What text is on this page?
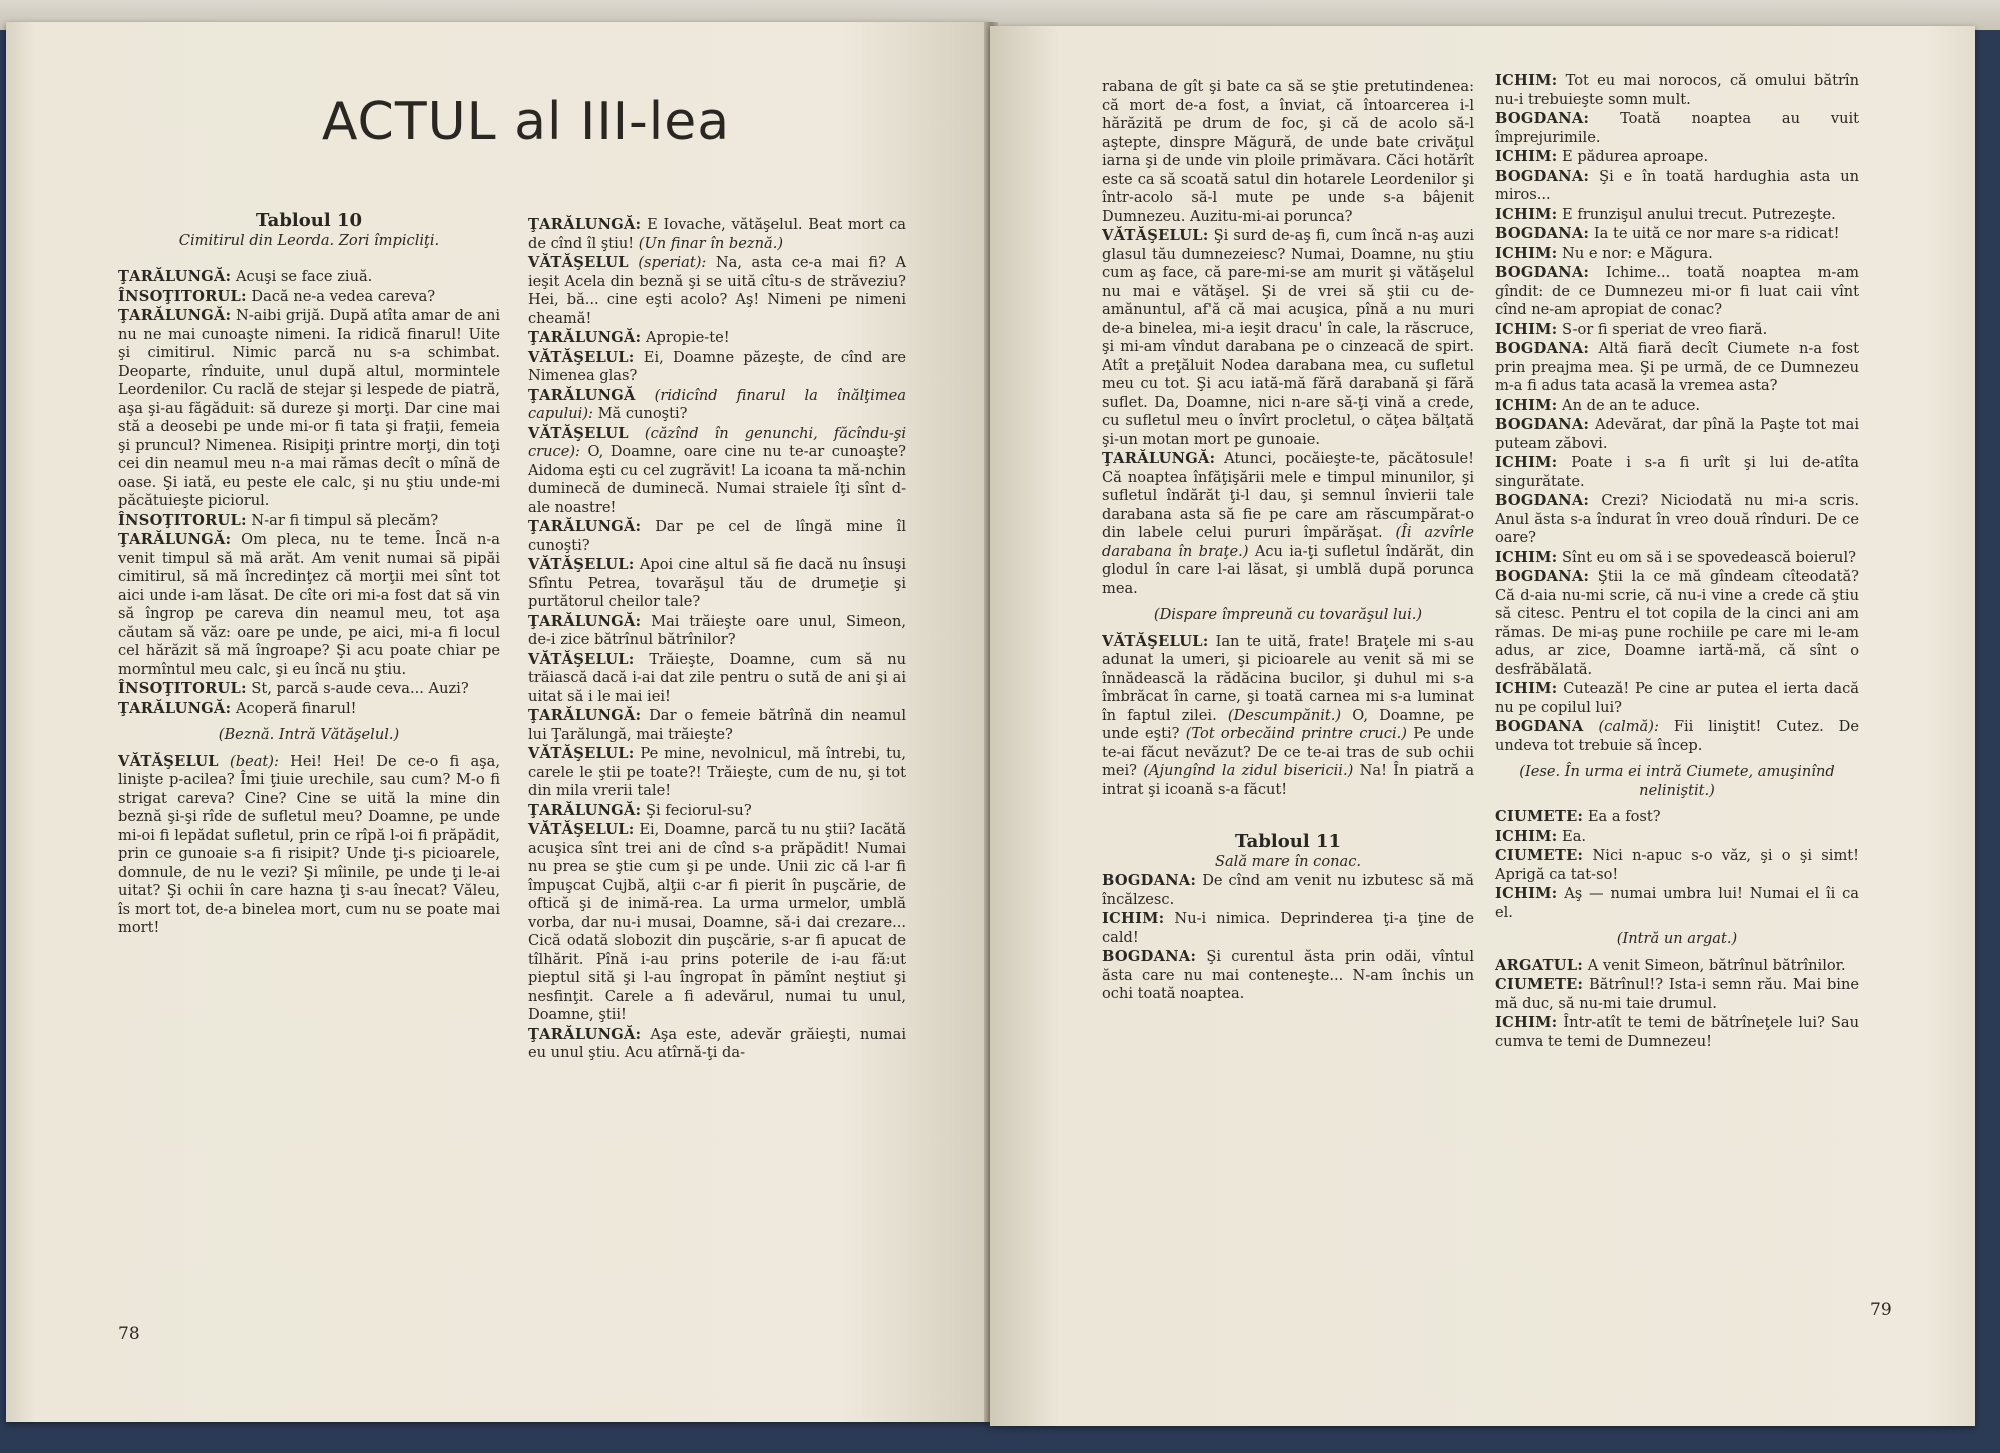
ACTUL al III-lea

Tabloul 10

Cimitirul din Leorda. Zori împicliţi.

ŢARĂLUNGĂ: Acuşi se face ziuă.

ÎNSOŢITORUL: Dacă ne-a vedea careva?

ŢARĂLUNGĂ: N-aibi grijă. După atîta amar de ani nu ne mai cunoaşte nimeni. Ia ridică finarul! Uite şi cimitirul. Nimic parcă nu s-a schimbat. Deoparte, rînduite, unul după altul, mormintele Leordenilor. Cu raclă de stejar şi lespede de piatră, aşa şi-au făgăduit: să dureze şi morţi. Dar cine mai stă a deosebi pe unde mi-or fi tata şi fraţii, femeia şi pruncul? Nimenea. Risipiţi printre morţi, din toţi cei din neamul meu n-a mai rămas decît o mînă de oase. Şi iată, eu peste ele calc, şi nu ştiu unde-mi păcătuieşte piciorul.

ÎNSOŢITORUL: N-ar fi timpul să plecăm?

ŢARĂLUNGĂ: Om pleca, nu te teme. Încă n-a venit timpul să mă arăt. Am venit numai să pipăi cimitirul, să mă încredinţez că morţii mei sînt tot aici unde i-am lăsat. De cîte ori mi-a fost dat să vin să îngrop pe careva din neamul meu, tot aşa căutam să văz: oare pe unde, pe aici, mi-a fi locul cel hărăzit să mă îngroape? Şi acu poate chiar pe mormîntul meu calc, şi eu încă nu ştiu.

ÎNSOŢITORUL: St, parcă s-aude ceva... Auzi?

ŢARĂLUNGĂ: Acoperă finarul!

(Beznă. Intră Vătăşelul.)

VĂTĂŞELUL (beat): Hei! Hei! De ce-o fi aşa, linişte p-acilea? Îmi ţiuie urechile, sau cum? M-o fi strigat careva? Cine? Cine se uită la mine din beznă şi-şi rîde de sufletul meu? Doamne, pe unde mi-oi fi lepădat sufletul, prin ce rîpă l-oi fi prăpădit, prin ce gunoaie s-a fi risipit? Unde ţi-s picioarele, domnule, de nu le vezi? Şi mîinile, pe unde ţi le-ai uitat? Şi ochii în care hazna ţi s-au înecat? Văleu, îs mort tot, de-a binelea mort, cum nu se poate mai mort!

ŢARĂLUNGĂ: E Iovache, vătăşelul. Beat mort ca de cînd îl ştiu! (Un finar în beznă.)

VĂTĂŞELUL (speriat): Na, asta ce-a mai fi? A ieşit Acela din beznă şi se uită cîtu-s de străveziu? Hei, bă... cine eşti acolo? Aş! Nimeni pe nimeni cheamă!

ŢARĂLUNGĂ: Apropie-te!

VĂTĂŞELUL: Ei, Doamne păzeşte, de cînd are Nimenea glas?

ŢARĂLUNGĂ (ridicînd finarul la înălţimea capului): Mă cunoşti?

VĂTĂŞELUL (căzînd în genunchi, făcîndu-şi cruce): O, Doamne, oare cine nu te-ar cunoaşte? Aidoma eşti cu cel zugrăvit! La icoana ta mă-nchin duminecă de duminecă. Numai straiele îţi sînt d-ale noastre!

ŢARĂLUNGĂ: Dar pe cel de lîngă mine îl cunoşti?

VĂTĂŞELUL: Apoi cine altul să fie dacă nu însuşi Sfîntu Petrea, tovarăşul tău de drumeţie şi purtătorul cheilor tale?

ŢARĂLUNGĂ: Mai trăieşte oare unul, Simeon, de-i zice bătrînul bătrînilor?

VĂTĂŞELUL: Trăieşte, Doamne, cum să nu trăiască dacă i-ai dat zile pentru o sută de ani şi ai uitat să i le mai iei!

ŢARĂLUNGĂ: Dar o femeie bătrînă din neamul lui Ţarălungă, mai trăieşte?

VĂTĂŞELUL: Pe mine, nevolnicul, mă întrebi, tu, carele le ştii pe toate?! Trăieşte, cum de nu, şi tot din mila vrerii tale!

ŢARĂLUNGĂ: Şi feciorul-su?

VĂTĂŞELUL: Ei, Doamne, parcă tu nu ştii? Iacătă acuşica sînt trei ani de cînd s-a prăpădit! Numai nu prea se ştie cum şi pe unde. Unii zic că l-ar fi împuşcat Cujbă, alţii c-ar fi pierit în puşcărie, de oftică şi de inimă-rea. La urma urmelor, umblă vorba, dar nu-i musai, Doamne, să-i dai crezare... Cică odată slobozit din puşcărie, s-ar fi apucat de tîlhărit. Pînă i-au prins poterile de i-au fă:ut pieptul sită şi l-au îngropat în pămînt neştiut şi nesfinţit. Carele a fi adevărul, numai tu unul, Doamne, ştii!

ŢARĂLUNGĂ: Aşa este, adevăr grăieşti, numai eu unul ştiu. Acu atîrnă-ţi da-

78

rabana de gît şi bate ca să se ştie pretutindenea: că mort de-a fost, a înviat, că întoarcerea i-l hărăzită pe drum de foc, şi că de acolo să-l aştepte, dinspre Măgură, de unde bate crivăţul iarna şi de unde vin ploile primăvara. Căci hotărît este ca să scoată satul din hotarele Leordenilor şi într-acolo să-l mute pe unde s-a bâjenit Dumnezeu. Auzitu-mi-ai porunca?

VĂTĂŞELUL: Şi surd de-aş fi, cum încă n-aş auzi glasul tău dumnezeiesc? Numai, Doamne, nu ştiu cum aş face, că pare-mi-se am murit şi vătăşelul nu mai e vătăşel. Şi de vrei să ştii cu de-amănuntul, af'ă că mai acuşica, pînă a nu muri de-a binelea, mi-a ieşit dracu' în cale, la răscruce, şi mi-am vîndut darabana pe o cinzeacă de spirt. Atît a preţăluit Nodea darabana mea, cu sufletul meu cu tot. Şi acu iată-mă fără darabană şi fără suflet. Da, Doamne, nici n-are să-ţi vină a crede, cu sufletul meu o învîrt procletul, o căţea bălţată şi-un motan mort pe gunoaie.

ŢARĂLUNGĂ: Atunci, pocăieşte-te, păcătosule! Că noaptea înfăţişării mele e timpul minunilor, şi sufletul îndărăt ţi-l dau, şi semnul învierii tale darabana asta să fie pe care am răscumpărat-o din labele celui pururi împărăşat. (Îi azvîrle darabana în braţe.) Acu ia-ţi sufletul îndărăt, din glodul în care l-ai lăsat, şi umblă după porunca mea.

(Dispare împreună cu tovarăşul lui.)

VĂTĂŞELUL: Ian te uită, frate! Braţele mi s-au adunat la umeri, şi picioarele au venit să mi se înnădească la rădăcina bucilor, şi duhul mi s-a îmbrăcat în carne, şi toată carnea mi s-a luminat în faptul zilei. (Descumpănit.) O, Doamne, pe unde eşti? (Tot orbecăind printre cruci.) Pe unde te-ai făcut nevăzut? De ce te-ai tras de sub ochii mei? (Ajungînd la zidul bisericii.) Na! În piatră a intrat şi icoană s-a făcut!

Tabloul 11

Sală mare în conac.

BOGDANA: De cînd am venit nu izbutesc să mă încălzesc.

ICHIM: Nu-i nimica. Deprinderea ţi-a ţine de cald!

BOGDANA: Şi curentul ăsta prin odăi, vîntul ăsta care nu mai conteneşte... N-am închis un ochi toată noaptea.

ICHIM: Tot eu mai norocos, că omului bătrîn nu-i trebuieşte somn mult.

BOGDANA: Toată noaptea au vuit împrejurimile.

ICHIM: E pădurea aproape.

BOGDANA: Şi e în toată hardughia asta un miros...

ICHIM: E frunzişul anului trecut. Putrezeşte.

BOGDANA: Ia te uită ce nor mare s-a ridicat!

ICHIM: Nu e nor: e Măgura.

BOGDANA: Ichime... toată noaptea m-am gîndit: de ce Dumnezeu mi-or fi luat caii vînt cînd ne-am apropiat de conac?

ICHIM: S-or fi speriat de vreo fiară.

BOGDANA: Altă fiară decît Ciumete n-a fost prin preajma mea. Şi pe urmă, de ce Dumnezeu m-a fi adus tata acasă la vremea asta?

ICHIM: An de an te aduce.

BOGDANA: Adevărat, dar pînă la Paşte tot mai puteam zăbovi.

ICHIM: Poate i s-a fi urît şi lui de-atîta singurătate.

BOGDANA: Crezi? Niciodată nu mi-a scris. Anul ăsta s-a îndurat în vreo două rînduri. De ce oare?

ICHIM: Sînt eu om să i se spovedească boierul?

BOGDANA: Ştii la ce mă gîndeam cîteodată? Că d-aia nu-mi scrie, că nu-i vine a crede că ştiu să citesc. Pentru el tot copila de la cinci ani am rămas. De mi-aş pune rochiile pe care mi le-am adus, ar zice, Doamne iartă-mă, că sînt o desfrăbălată.

ICHIM: Cutează! Pe cine ar putea el ierta dacă nu pe copilul lui?

BOGDANA (calmă): Fii liniştit! Cutez. De undeva tot trebuie să încep.

(Iese. În urma ei intră Ciumete, amuşinînd neliniştit.)

CIUMETE: Ea a fost?

ICHIM: Ea.

CIUMETE: Nici n-apuc s-o văz, şi o şi simt! Aprigă ca tat-so!

ICHIM: Aş — numai umbra lui! Numai el îi ca el.

(Intră un argat.)

ARGATUL: A venit Simeon, bătrînul bătrînilor.

CIUMETE: Bătrînul!? Ista-i semn rău. Mai bine mă duc, să nu-mi taie drumul.

ICHIM: Într-atît te temi de bătrîneţele lui? Sau cumva te temi de Dumnezeu!

79
